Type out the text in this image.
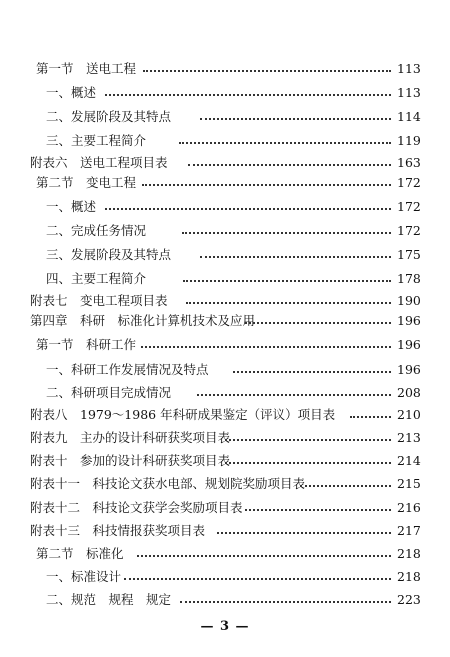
第一节　送电工程	113
一、概述	113
二、发展阶段及其特点	114
三、主要工程简介	119
附表六　送电工程项目表	163
第二节　变电工程	172
一、概述	172
二、完成任务情况	172
三、发展阶段及其特点	175
四、主要工程简介	178
附表七　变电工程项目表	190
第四章　科研　标准化计算机技术及应用	196
第一节　科研工作	196
一、科研工作发展情况及特点	196
二、科研项目完成情况	208
附表八　1979～1986 年科研成果鉴定（评议）项目表	210
附表九　主办的设计科研获奖项目表	213
附表十　参加的设计科研获奖项目表	214
附表十一　科技论文获水电部、规划院奖励项目表	215
附表十二　科技论文获学会奖励项目表	216
附表十三　科技情报获奖项目表	217
第二节　标准化	218
一、标准设计	218
二、规范　规程　规定	223
— 3 —
